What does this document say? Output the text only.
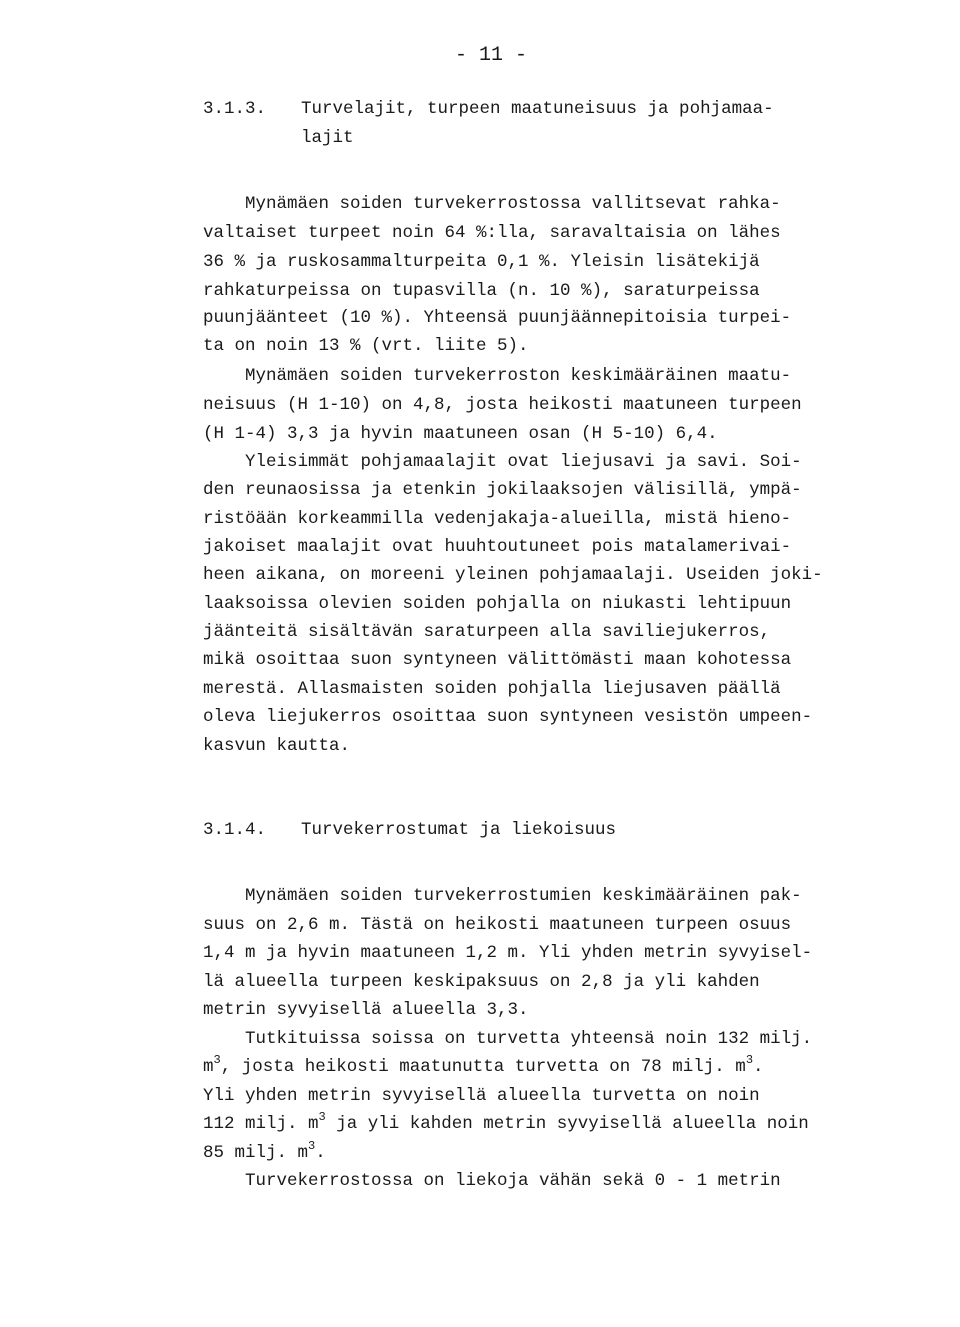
- 11 -
3.1.3. Turvelajit, turpeen maatuneisuus ja pohjamaa-
lajit
Mynämäen soiden turvekerrostossa vallitsevat rahka-
valtaiset turpeet noin 64 %:lla, saravaltaisia on lähes
36 % ja ruskosammalturpeita 0,1 %. Yleisin lisätekijä
rahkaturpeissa on tupasvilla (n. 10 %), saraturpeissa
puunjäänteet (10 %). Yhteensä puunjäännepitoisia turpei-
ta on noin 13 % (vrt. liite 5).
Mynämäen soiden turvekerroston keskimääräinen maatu-
neisuus (H 1-10) on 4,8, josta heikosti maatuneen turpeen
(H 1-4) 3,3 ja hyvin maatuneen osan (H 5-10) 6,4.
Yleisimmät pohjamaalajit ovat liejusavi ja savi. Soi-
den reunaosissa ja etenkin jokilaaksojen välisillä, ympä-
ristöään korkeammilla vedenjakaja-alueilla, mistä hieno-
jakoiset maalajit ovat huuhtoutuneet pois matalamerivai-
heen aikana, on moreeni yleinen pohjamaalaji. Useiden joki-
laaksoissa olevien soiden pohjalla on niukasti lehtipuun
jäänteitä sisältävän saraturpeen alla saviliejukerros,
mikä osoittaa suon syntyneen välittömästi maan kohotessa
merestä. Allasmaisten soiden pohjalla liejusaven päällä
oleva liejukerros osoittaa suon syntyneen vesistön umpeen-
kasvun kautta.
3.1.4. Turvekerrostumat ja liekoisuus
Mynämäen soiden turvekerrostumien keskimääräinen pak-
suus on 2,6 m. Tästä on heikosti maatuneen turpeen osuus
1,4 m ja hyvin maatuneen 1,2 m. Yli yhden metrin syvyisel-
lä alueella turpeen keskipaksuus on 2,8 ja yli kahden
metrin syvyisellä alueella 3,3.
Tutkituissa soissa on turvetta yhteensä noin 132 milj.
$m^3$, josta heikosti maatunutta turvetta on 78 milj. $m^3$.
Yli yhden metrin syvyisellä alueella turvetta on noin
112 milj. $m^3$ ja yli kahden metrin syvyisellä alueella noin
85 milj. $m^3$.
Turvekerrostossa on liekoja vähän sekä 0 - 1 metrin
